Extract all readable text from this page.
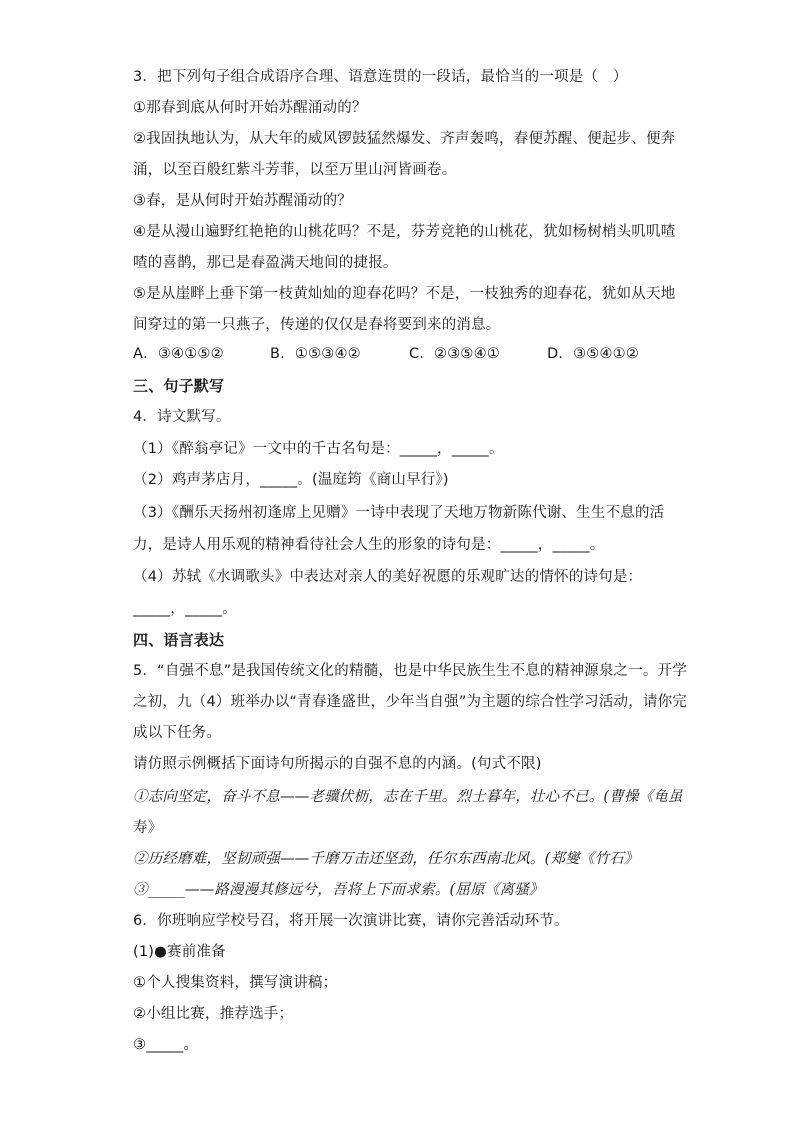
3．把下列句子组合成语序合理、语意连贯的一段话，最恰当的一项是（　）
①那春到底从何时开始苏醒涌动的？
②我固执地认为，从大年的威风锣鼓猛然爆发、齐声轰鸣，春便苏醒、便起步、便奔
涌，以至百般红紫斗芳菲，以至万里山河皆画卷。
③春，是从何时开始苏醒涌动的？
④是从漫山遍野红艳艳的山桃花吗？不是，芬芳竞艳的山桃花，犹如杨树梢头叽叽喳
喳的喜鹊，那已是春盈满天地间的捷报。
⑤是从崖畔上垂下第一枝黄灿灿的迎春花吗？不是，一枝独秀的迎春花，犹如从天地
间穿过的第一只燕子，传递的仅仅是春将要到来的消息。
A．③④①⑤②	B．①⑤③④②	C．②③⑤④①	D．③⑤④①②
三、句子默写
4．诗文默写。
（1）《醉翁亭记》一文中的千古名句是：_____，_____。
（2）鸡声茅店月，_____。(温庭筠《商山早行》)
（3）《酬乐天扬州初逢席上见赠》一诗中表现了天地万物新陈代谢、生生不息的活
力，是诗人用乐观的精神看待社会人生的形象的诗句是：_____，_____。
（4）苏轼《水调歌头》中表达对亲人的美好祝愿的乐观旷达的情怀的诗句是：
_____，_____。
四、语言表达
5．“自强不息”是我国传统文化的精髓，也是中华民族生生不息的精神源泉之一。开学
之初，九（4）班举办以“青春逢盛世，少年当自强”为主题的综合性学习活动，请你完
成以下任务。
请仿照示例概括下面诗句所揭示的自强不息的内涵。(句式不限)
①志向坚定，奋斗不息——老骥伏枥，志在千里。烈士暮年，壮心不已。(曹操《龟虽
寿》
②历经磨难，坚韧顽强——千磨万击还坚劲，任尔东西南北风。(郑燮《竹石》
③_____——路漫漫其修远兮，吾将上下而求索。(屈原《离骚》
6．你班响应学校号召，将开展一次演讲比赛，请你完善活动环节。
(1)●赛前准备
①个人搜集资料，撰写演讲稿；
②小组比赛，推荐选手；
③_____。
